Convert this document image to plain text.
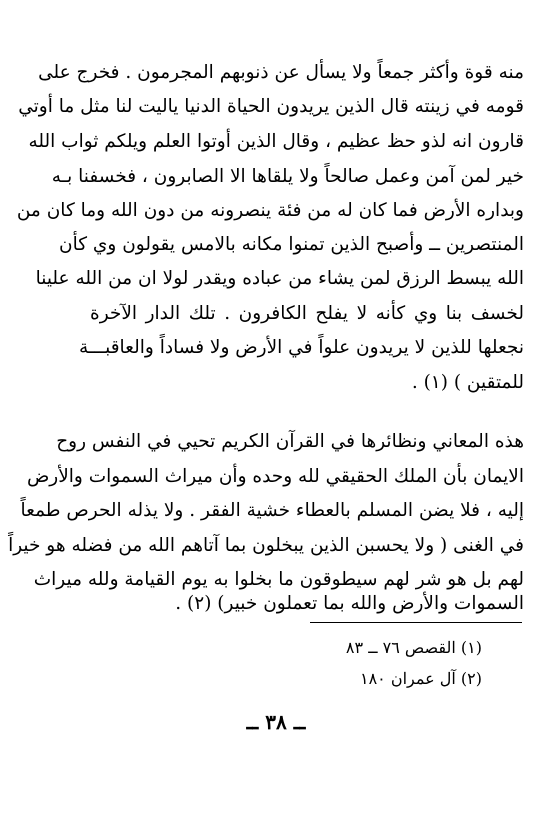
منه قوة وأكثر جمعاً ولا يسأل عن ذنوبهم المجرمون . فخرج على
قومه في زينته قال الذين يريدون الحياة الدنيا ياليت لنا مثل ما أوتي
قارون انه لذو حظ عظيم ، وقال الذين أوتوا العلم ويلكم ثواب الله
خير لمن آمن وعمل صالحاً ولا يلقاها الا الصابرون ، فخسفنا بـه
وبداره الأرض فما كان له من فئة ينصرونه من دون الله وما كان من
المنتصرين ــ وأصبح الذين تمنوا مكانه بالامس يقولون وي كأن
الله يبسط الرزق لمن يشاء من عباده ويقدر لولا ان من الله علينا
لخسف بنا وي كأنه لا يفلح الكافرون . تلك الدار الآخرة
نجعلها للذين لا يريدون علواً في الأرض ولا فساداً والعاقبـــة
للمتقين ) (١) .
هذه المعاني ونظائرها في القرآن الكريم تحيي في النفس روح
الايمان بأن الملك الحقيقي لله وحده وأن ميراث السموات والأرض
إليه ، فلا يضن المسلم بالعطاء خشية الفقر . ولا يذله الحرص طمعاً
في الغنى ( ولا يحسبن الذين يبخلون بما آتاهم الله من فضله هو خيراً
لهم بل هو شر لهم سيطوقون ما بخلوا به يوم القيامة ولله ميراث
السموات والأرض والله بما تعملون خبير) (٢) .
(١) القصص ٧٦ ــ ٨٣
(٢) آل عمران ١٨٠
ــ ٣٨ ــ
